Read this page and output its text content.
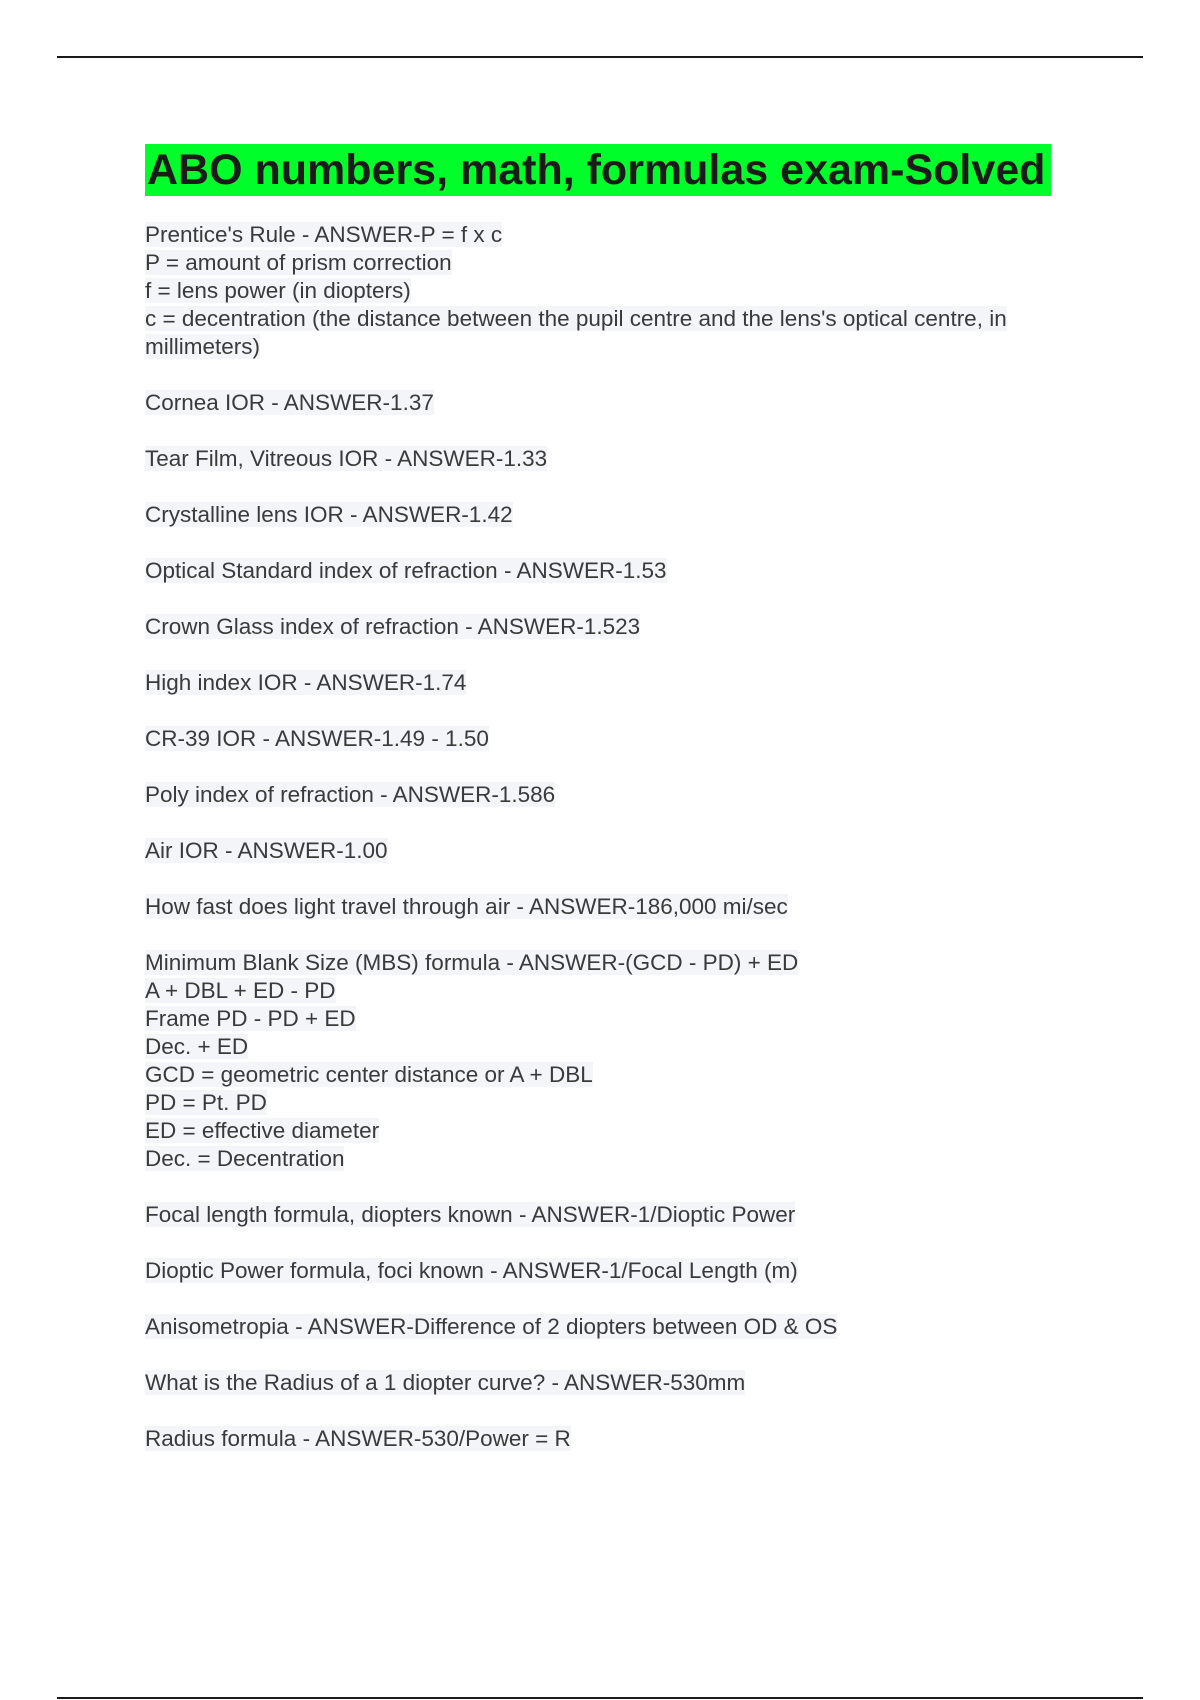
ABO numbers, math, formulas exam-Solved
Prentice's Rule - ANSWER-P = f x c
P = amount of prism correction
f = lens power (in diopters)
c = decentration (the distance between the pupil centre and the lens's optical centre, in
millimeters)
Cornea IOR - ANSWER-1.37
Tear Film, Vitreous IOR - ANSWER-1.33
Crystalline lens IOR - ANSWER-1.42
Optical Standard index of refraction - ANSWER-1.53
Crown Glass index of refraction - ANSWER-1.523
High index IOR - ANSWER-1.74
CR-39 IOR - ANSWER-1.49 - 1.50
Poly index of refraction - ANSWER-1.586
Air IOR - ANSWER-1.00
How fast does light travel through air - ANSWER-186,000 mi/sec
Minimum Blank Size (MBS) formula - ANSWER-(GCD - PD) + ED
A + DBL + ED - PD
Frame PD - PD + ED
Dec. + ED
GCD = geometric center distance or A + DBL
PD = Pt. PD
ED = effective diameter
Dec. = Decentration
Focal length formula, diopters known - ANSWER-1/Dioptic Power
Dioptic Power formula, foci known - ANSWER-1/Focal Length (m)
Anisometropia - ANSWER-Difference of 2 diopters between OD & OS
What is the Radius of a 1 diopter curve? - ANSWER-530mm
Radius formula - ANSWER-530/Power = R
